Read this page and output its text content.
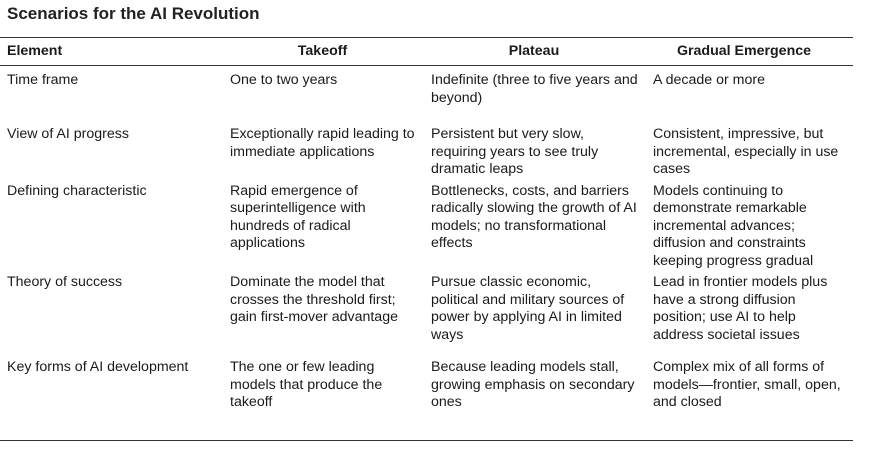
Scenarios for the AI Revolution
Element	Takeoff	Plateau	Gradual Emergence
Time frame	One to two years	Indefinite (three to five years and beyond)	A decade or more
View of AI progress	Exceptionally rapid leading to immediate applications	Persistent but very slow, requiring years to see truly dramatic leaps	Consistent, impressive, but incremental, especially in use cases
Defining characteristic	Rapid emergence of superintelligence with hundreds of radical applications	Bottlenecks, costs, and barriers radically slowing the growth of AI models; no transformational effects	Models continuing to demonstrate remarkable incremental advances; diffusion and constraints keeping progress gradual
Theory of success	Dominate the model that crosses the threshold first; gain first-mover advantage	Pursue classic economic, political and military sources of power by applying AI in limited ways	Lead in frontier models plus have a strong diffusion position; use AI to help address societal issues
Key forms of AI development	The one or few leading models that produce the takeoff	Because leading models stall, growing emphasis on secondary ones	Complex mix of all forms of models—frontier, small, open, and closed
